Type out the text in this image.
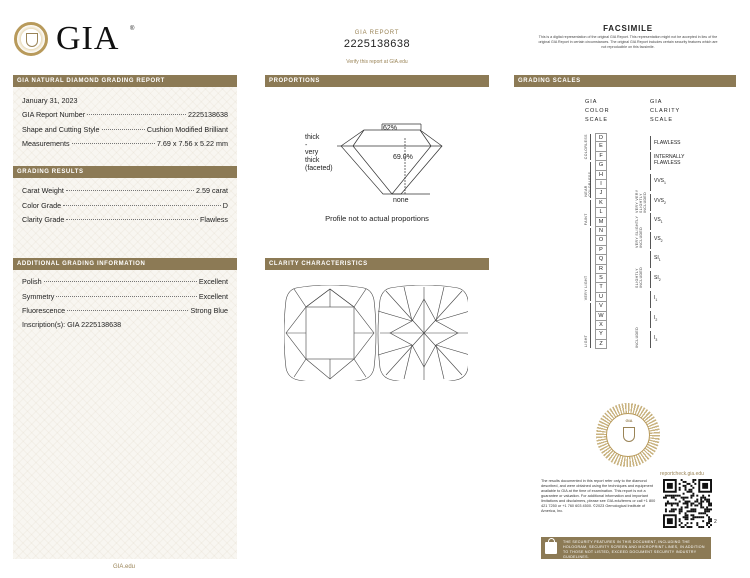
GIA ®
GIA REPORT
2225138638
Verify this report at GIA.edu
FACSIMILE
This is a digital representation of the original GIA Report. This representation might not be accepted in lieu of the original GIA Report in certain circumstances. The original GIA Report includes certain security features which are not reproducible on this facsimile.
GIA NATURAL DIAMOND GRADING REPORT
January 31, 2023
GIA Report Number	2225138638
Shape and Cutting Style	Cushion Modified Brilliant
Measurements	7.69 x 7.56 x 5.22 mm
GRADING RESULTS
Carat Weight	2.59 carat
Color Grade	D
Clarity Grade	Flawless
ADDITIONAL GRADING INFORMATION
Polish	Excellent
Symmetry	Excellent
Fluorescence	Strong Blue
Inscription(s): GIA 2225138638
PROPORTIONS
62%
69.0%
thick
-
very
thick
(faceted)
none
Profile not to actual proportions
CLARITY CHARACTERISTICS
GRADING SCALES
GIA
COLOR
SCALE
GIA
CLARITY
SCALE
D
E
F
G
H
I
J
K
L
M
N
O
P
Q
R
S
T
U
V
W
X
Y
Z
COLORLESS
NEAR COLORLESS
FAINT
VERY LIGHT
LIGHT
FLAWLESS
INTERNALLY
FLAWLESS
$VVS_1$
$VVS_2$
$VS_1$
$VS_2$
$SI_1$
$SI_2$
$I_1$
$I_2$
$I_3$
VERY VERY SLIGHTLY INCLUDED
VERY SLIGHTLY INCLUDED
SLIGHTLY INCLUDED
INCLUDED
GIA
reportcheck.gia.edu
The results documented in this report refer only to the diamond described, and were obtained using the techniques and equipment available to GIA at the time of examination. This report is not a guarantee or valuation. For additional information and important limitations and disclaimers, please see GIA.edu/terms or call +1 800 421 7250 or +1 760 603 4500. ©2023 Gemological Institute of America, Inc.
2
THE SECURITY FEATURES IN THIS DOCUMENT, INCLUDING THE HOLOGRAM, SECURITY SCREEN AND MICROPRINT LINES, IN ADDITION TO THOSE NOT LISTED, EXCEED DOCUMENT SECURITY INDUSTRY GUIDELINES.
GIA.edu
